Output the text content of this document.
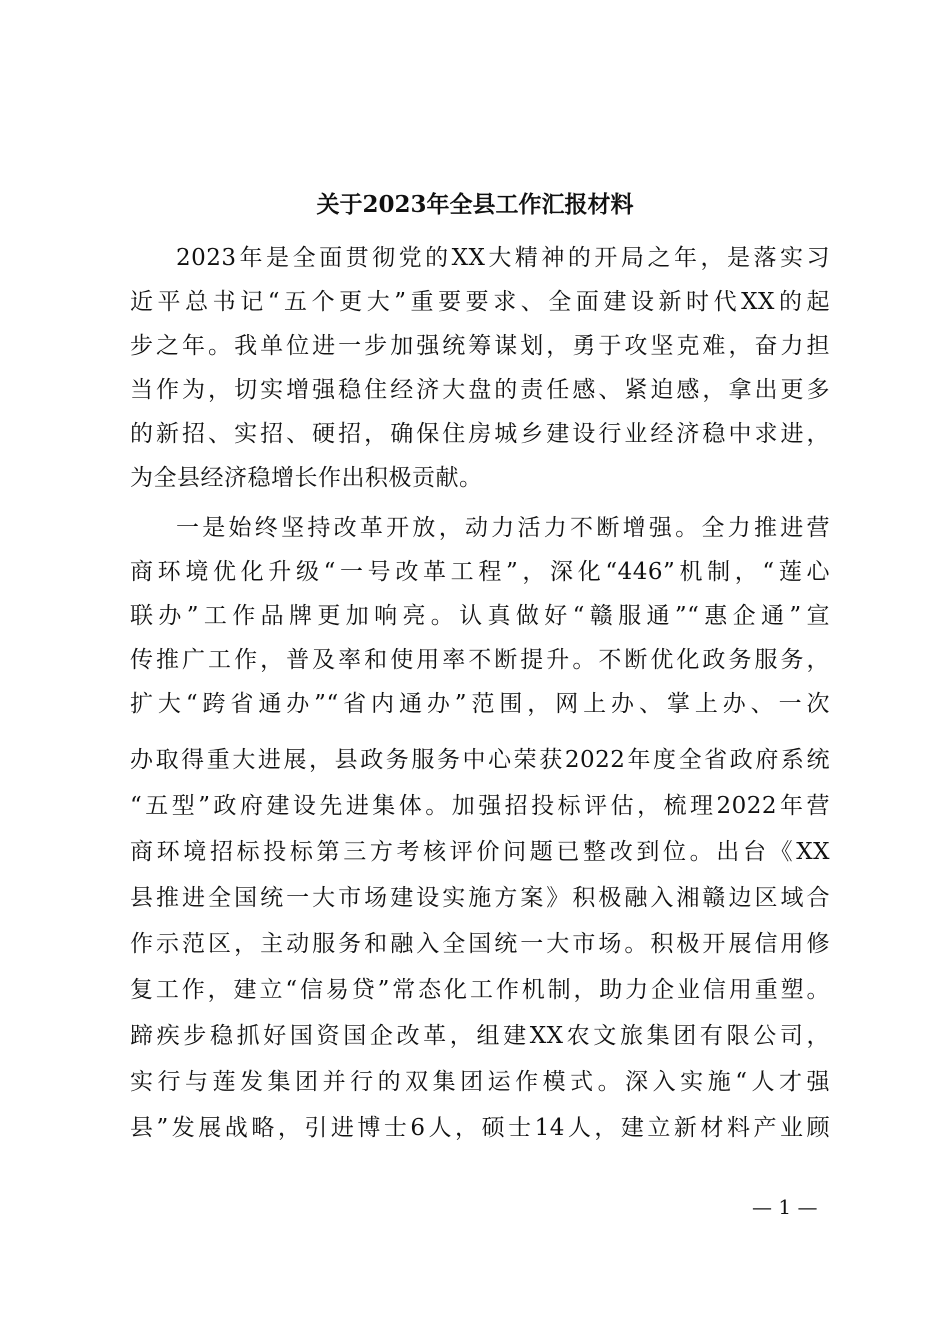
关于2023年全县工作汇报材料
2023年是全面贯彻党的XX大精神的开局之年，是落实习
近平总书记“五个更大”重要要求、全面建设新时代XX的起
步之年。我单位进一步加强统筹谋划，勇于攻坚克难，奋力担
当作为，切实增强稳住经济大盘的责任感、紧迫感，拿出更多
的新招、实招、硬招，确保住房城乡建设行业经济稳中求进，
为全县经济稳增长作出积极贡献。
一是始终坚持改革开放，动力活力不断增强。全力推进营
商环境优化升级“一号改革工程”，深化“446”机制，“莲心
联办”工作品牌更加响亮。认真做好“赣服通”“惠企通”宣
传推广工作，普及率和使用率不断提升。不断优化政务服务，
扩大“跨省通办”“省内通办”范围，网上办、掌上办、一次
办取得重大进展，县政务服务中心荣获2022年度全省政府系统
“五型”政府建设先进集体。加强招投标评估，梳理2022年营
商环境招标投标第三方考核评价问题已整改到位。出台《XX
县推进全国统一大市场建设实施方案》积极融入湘赣边区域合
作示范区，主动服务和融入全国统一大市场。积极开展信用修
复工作，建立“信易贷”常态化工作机制，助力企业信用重塑。
蹄疾步稳抓好国资国企改革，组建XX农文旅集团有限公司，
实行与莲发集团并行的双集团运作模式。深入实施“人才强
县”发展战略，引进博士6人，硕士14人，建立新材料产业顾
— 1 —
